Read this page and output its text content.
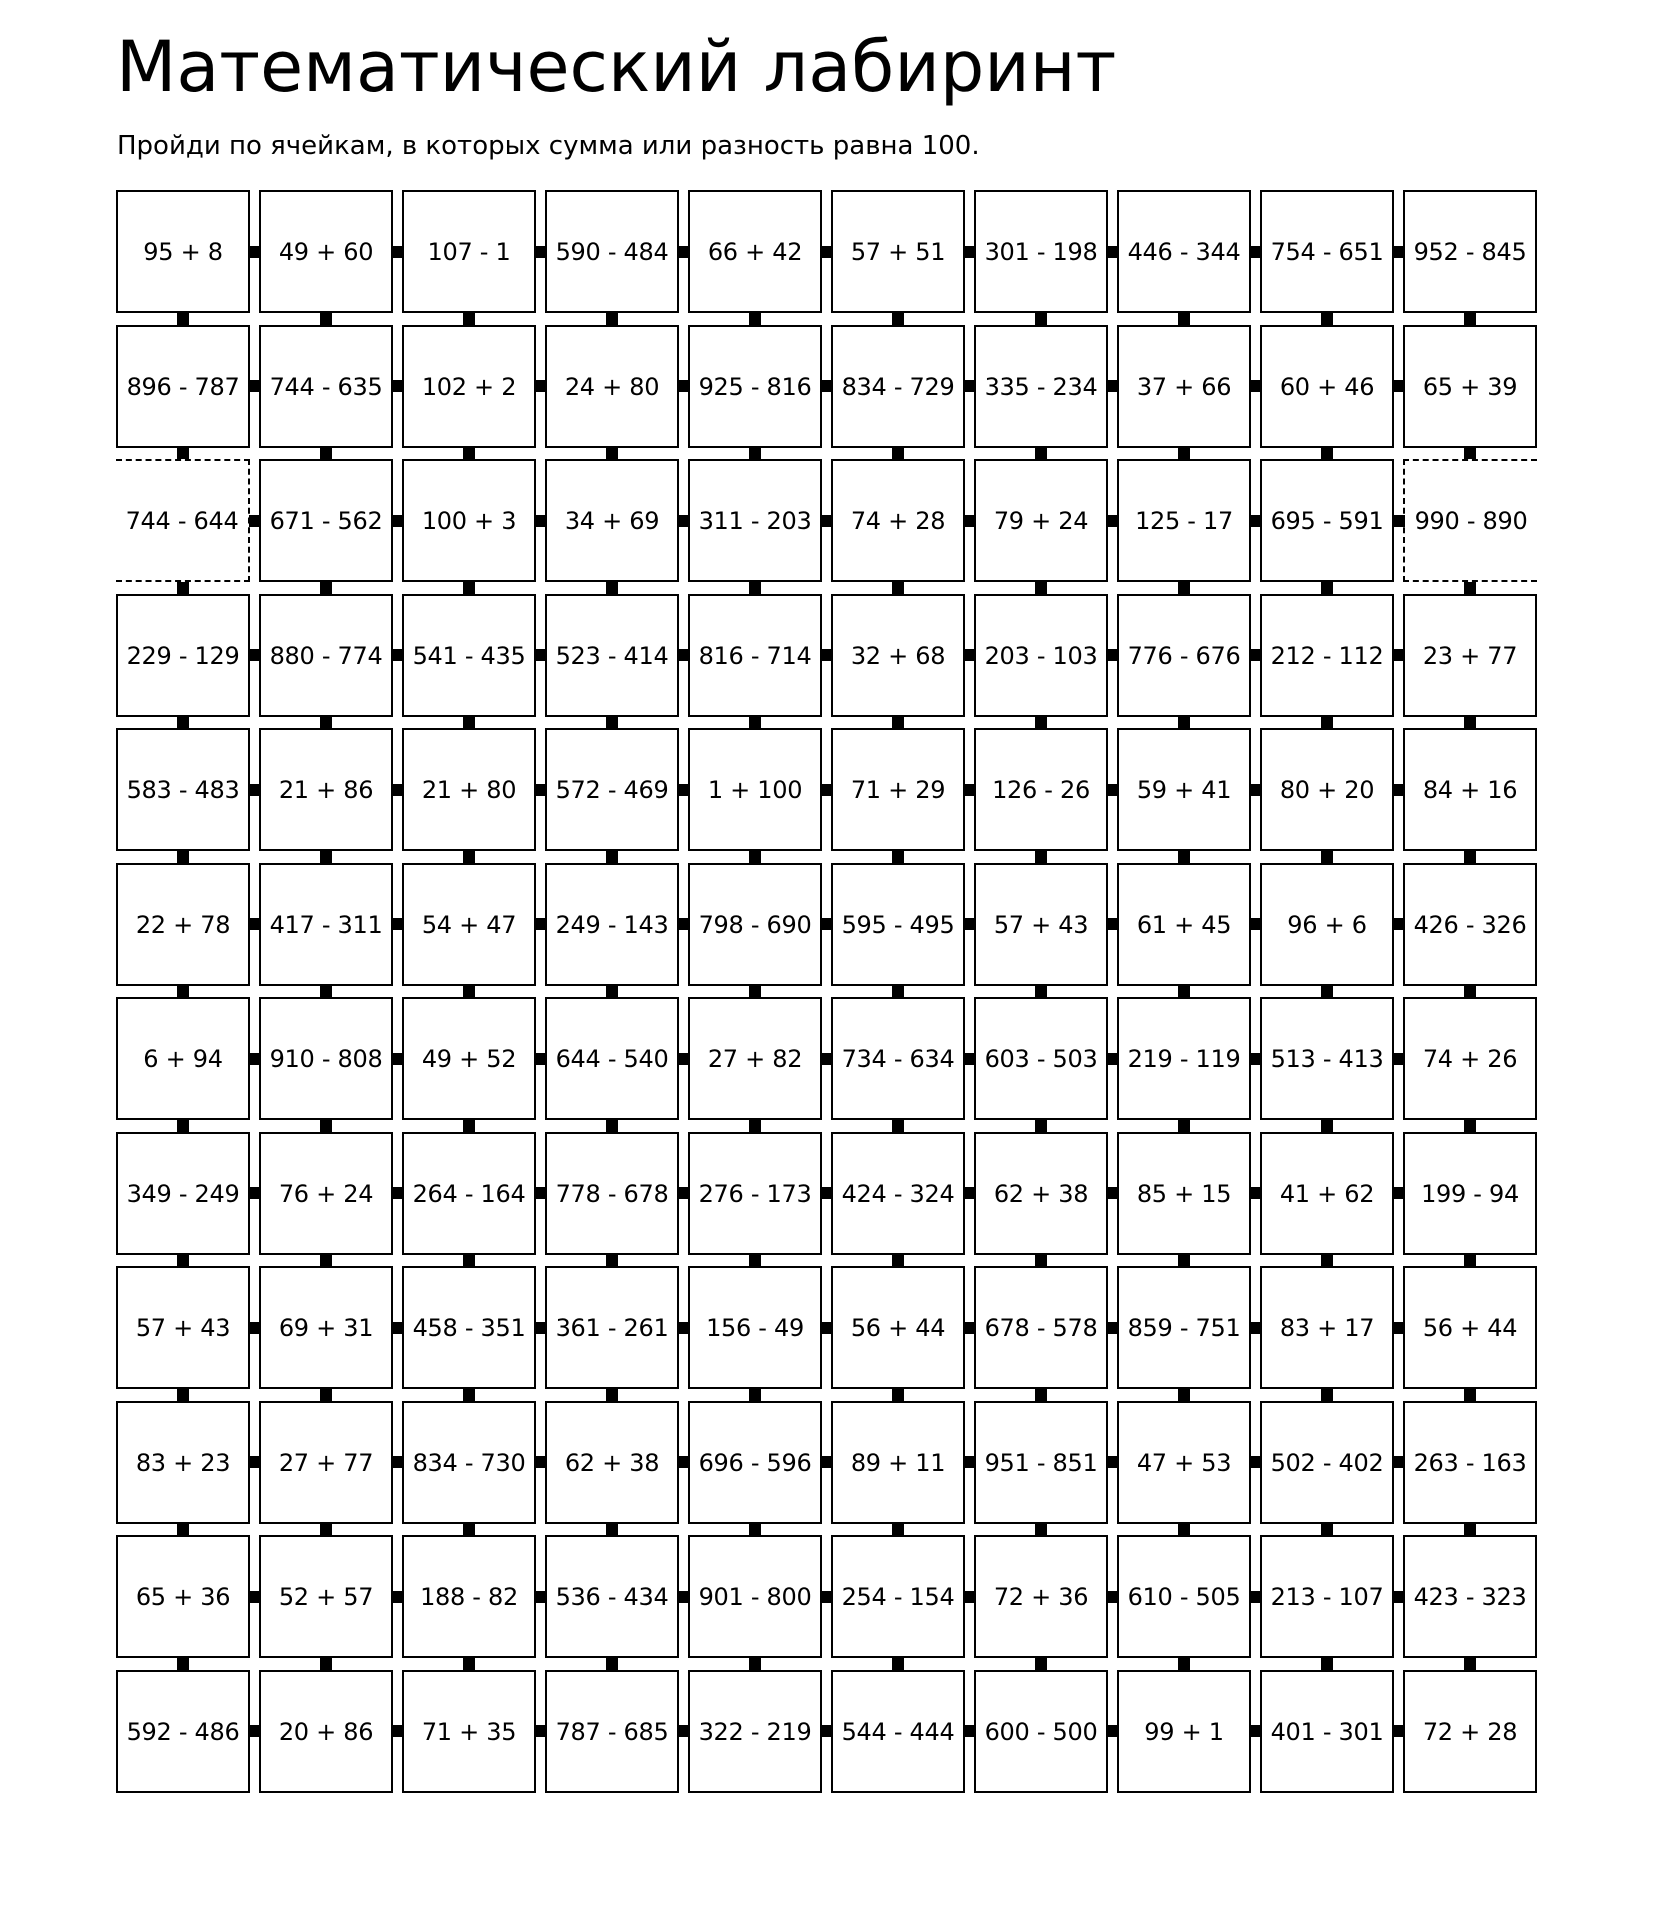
Математический лабиринт

Пройди по ячейкам, в которых сумма или разность равна 100.

95 + 8 49 + 60 107 - 1 590 - 484 66 + 42 57 + 51 301 - 198 446 - 344 754 - 651 952 - 845
896 - 787 744 - 635 102 + 2 24 + 80 925 - 816 834 - 729 335 - 234 37 + 66 60 + 46 65 + 39
744 - 644 671 - 562 100 + 3 34 + 69 311 - 203 74 + 28 79 + 24 125 - 17 695 - 591 990 - 890
229 - 129 880 - 774 541 - 435 523 - 414 816 - 714 32 + 68 203 - 103 776 - 676 212 - 112 23 + 77
583 - 483 21 + 86 21 + 80 572 - 469 1 + 100 71 + 29 126 - 26 59 + 41 80 + 20 84 + 16
22 + 78 417 - 311 54 + 47 249 - 143 798 - 690 595 - 495 57 + 43 61 + 45 96 + 6 426 - 326
6 + 94 910 - 808 49 + 52 644 - 540 27 + 82 734 - 634 603 - 503 219 - 119 513 - 413 74 + 26
349 - 249 76 + 24 264 - 164 778 - 678 276 - 173 424 - 324 62 + 38 85 + 15 41 + 62 199 - 94
57 + 43 69 + 31 458 - 351 361 - 261 156 - 49 56 + 44 678 - 578 859 - 751 83 + 17 56 + 44
83 + 23 27 + 77 834 - 730 62 + 38 696 - 596 89 + 11 951 - 851 47 + 53 502 - 402 263 - 163
65 + 36 52 + 57 188 - 82 536 - 434 901 - 800 254 - 154 72 + 36 610 - 505 213 - 107 423 - 323
592 - 486 20 + 86 71 + 35 787 - 685 322 - 219 544 - 444 600 - 500 99 + 1 401 - 301 72 + 28
